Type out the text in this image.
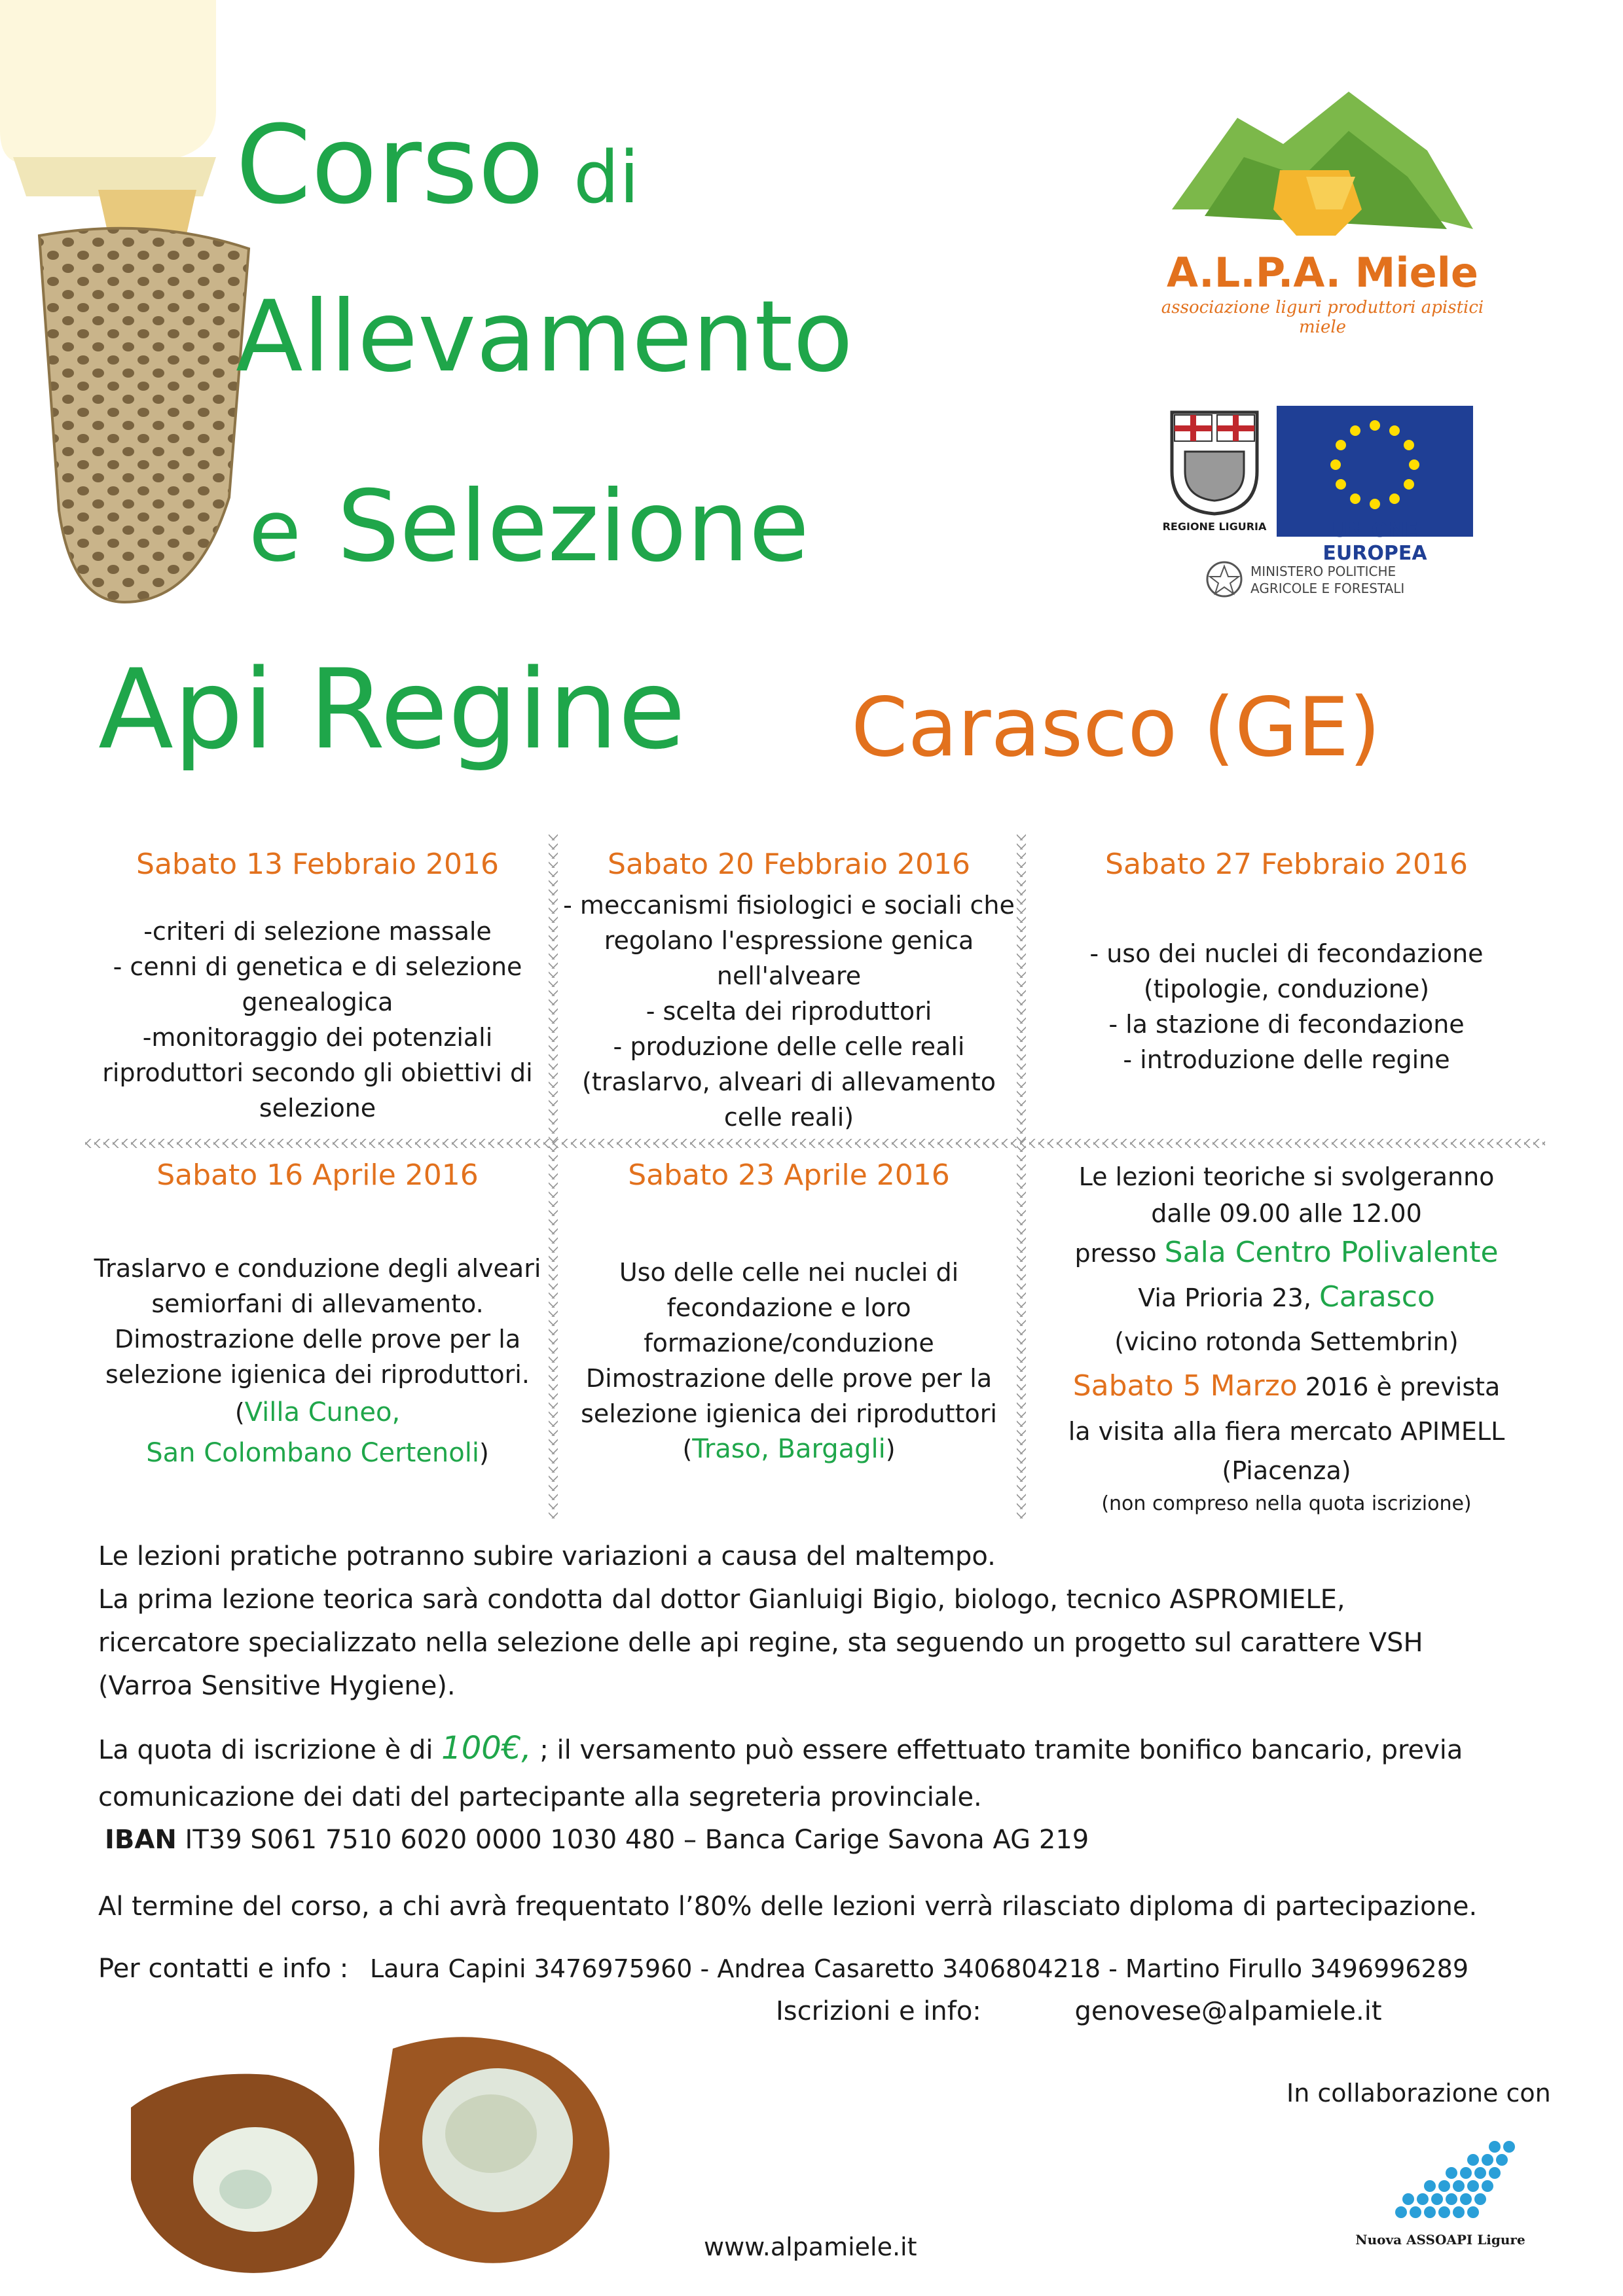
Corso di
Allevamento
e Selezione
Api Regine Carasco (GE)
A.L.P.A. Miele
associazione liguri produttori apistici miele
REGIONE LIGURIA	UNIONE EUROPEA
MINISTERO POLITICHE
AGRICOLE E FORESTALI
Sabato 13 Febbraio 2016
-criteri di selezione massale
- cenni di genetica e di selezione
genealogica
-monitoraggio dei potenziali
riproduttori secondo gli obiettivi di
selezione
Sabato 20 Febbraio 2016
- meccanismi fisiologici e sociali che
regolano l'espressione genica
nell'alveare
- scelta dei riproduttori
- produzione delle celle reali
(traslarvo, alveari di allevamento
celle reali)
Sabato 27 Febbraio 2016
- uso dei nuclei di fecondazione
(tipologie, conduzione)
- la stazione di fecondazione
- introduzione delle regine
Sabato 16 Aprile 2016
Traslarvo e conduzione degli alveari
semiorfani di allevamento.
Dimostrazione delle prove per la
selezione igienica dei riproduttori.
(Villa Cuneo,
San Colombano Certenoli)
Sabato 23 Aprile 2016
Uso delle celle nei nuclei di
fecondazione e loro
formazione/conduzione
Dimostrazione delle prove per la
selezione igienica dei riproduttori
(Traso, Bargagli)
Le lezioni teoriche si svolgeranno
dalle 09.00 alle 12.00
presso Sala Centro Polivalente
Via Prioria 23, Carasco
(vicino rotonda Settembrin)
Sabato 5 Marzo 2016 è prevista
la visita alla fiera mercato APIMELL
(Piacenza)
(non compreso nella quota iscrizione)
Le lezioni pratiche potranno subire variazioni a causa del maltempo.
La prima lezione teorica sarà condotta dal dottor Gianluigi Bigio, biologo, tecnico ASPROMIELE,
ricercatore specializzato nella selezione delle api regine, sta seguendo un progetto sul carattere VSH
(Varroa Sensitive Hygiene).
La quota di iscrizione è di 100€, ; il versamento può essere effettuato tramite bonifico bancario, previa
comunicazione dei dati del partecipante alla segreteria provinciale.
IBAN IT39 S061 7510 6020 0000 1030 480 – Banca Carige Savona AG 219
Al termine del corso, a chi avrà frequentato l’80% delle lezioni verrà rilasciato diploma di partecipazione.
Per contatti e info : Laura Capini 3476975960 - Andrea Casaretto 3406804218 - Martino Firullo 3496996289
Iscrizioni e info:	genovese@alpamiele.it
In collaborazione con
Nuova ASSOAPI Ligure
www.alpamiele.it
